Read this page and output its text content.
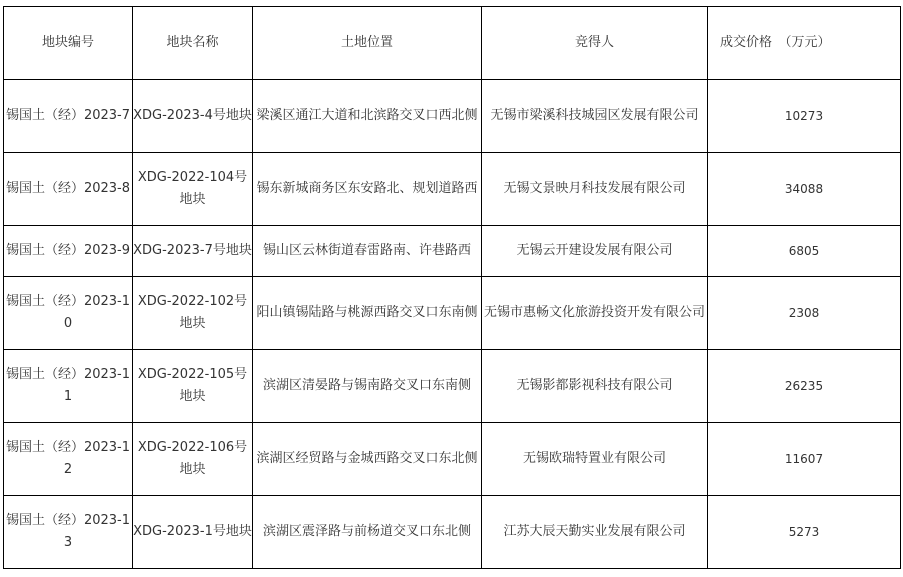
地块编号	地块名称	土地位置	竞得人	成交价格　（万元）
锡国土（经）2023-7	XDG-2023-4号地块	梁溪区通江大道和北滨路交叉口西北侧	无锡市梁溪科技城园区发展有限公司	10273
锡国土（经）2023-8	XDG-2022-104号地块	锡东新城商务区东安路北、规划道路西	无锡文景映月科技发展有限公司	34088
锡国土（经）2023-9	XDG-2023-7号地块	锡山区云林街道春雷路南、许巷路西	无锡云开建设发展有限公司	6805
锡国土（经）2023-10	XDG-2022-102号地块	阳山镇锡陆路与桃源西路交叉口东南侧	无锡市惠畅文化旅游投资开发有限公司	2308
锡国土（经）2023-11	XDG-2022-105号地块	滨湖区清晏路与锡南路交叉口东南侧	无锡影都影视科技有限公司	26235
锡国土（经）2023-12	XDG-2022-106号地块	滨湖区经贸路与金城西路交叉口东北侧	无锡欧瑞特置业有限公司	11607
锡国土（经）2023-13	XDG-2023-1号地块	滨湖区震泽路与前杨道交叉口东北侧	江苏大辰天勤实业发展有限公司	5273
